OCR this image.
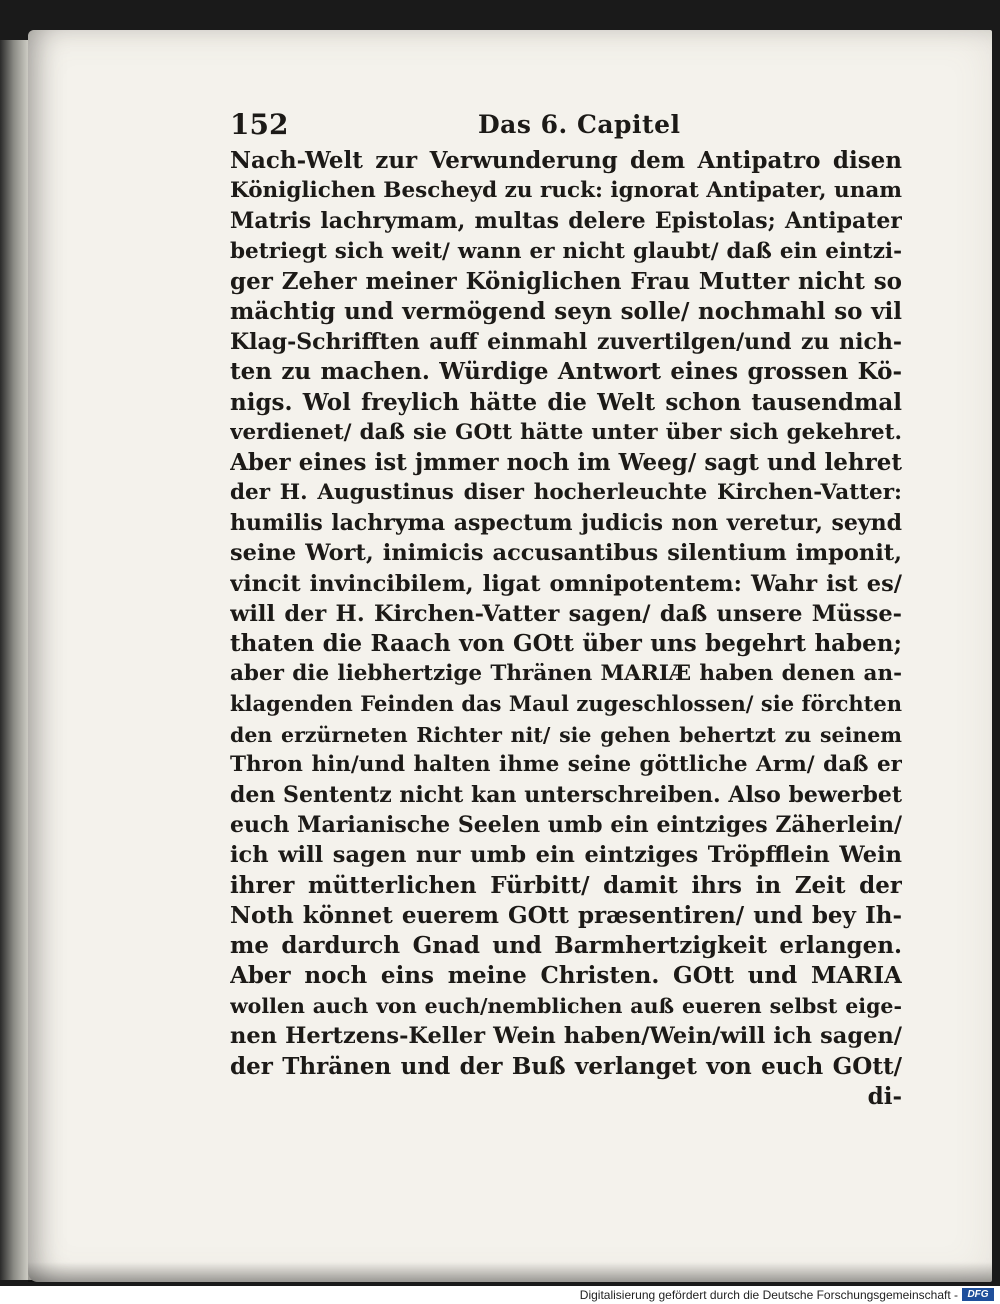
152	Das 6. Capitel
Nach-Welt zur Verwunderung dem Antipatro disen
Königlichen Bescheyd zu ruck: ignorat Antipater, unam
Matris lachrymam, multas delere Epistolas; Antipater
betriegt sich weit/ wann er nicht glaubt/ daß ein eintzi-
ger Zeher meiner Königlichen Frau Mutter nicht so
mächtig und vermögend seyn solle/ nochmahl so vil
Klag-Schrifften auff einmahl zuvertilgen/und zu nich-
ten zu machen. Würdige Antwort eines grossen Kö-
nigs. Wol freylich hätte die Welt schon tausendmal
verdienet/ daß sie GOtt hätte unter über sich gekehret.
Aber eines ist jmmer noch im Weeg/ sagt und lehret
der H. Augustinus diser hocherleuchte Kirchen-Vatter:
humilis lachryma aspectum judicis non veretur, seynd
seine Wort, inimicis accusantibus silentium imponit,
vincit invincibilem, ligat omnipotentem: Wahr ist es/
will der H. Kirchen-Vatter sagen/ daß unsere Müsse-
thaten die Raach von GOtt über uns begehrt haben;
aber die liebhertzige Thränen MARIÆ haben denen an-
klagenden Feinden das Maul zugeschlossen/ sie förchten
den erzürneten Richter nit/ sie gehen behertzt zu seinem
Thron hin/und halten ihme seine göttliche Arm/ daß er
den Sententz nicht kan unterschreiben. Also bewerbet
euch Marianische Seelen umb ein eintziges Zäherlein/
ich will sagen nur umb ein eintziges Tröpfflein Wein
ihrer mütterlichen Fürbitt/ damit ihrs in Zeit der
Noth könnet euerem GOtt præsentiren/ und bey Ih-
me dardurch Gnad und Barmhertzigkeit erlangen.
Aber noch eins meine Christen. GOtt und MARIA
wollen auch von euch/nemblichen auß eueren selbst eige-
nen Hertzens-Keller Wein haben/Wein/will ich sagen/
der Thränen und der Buß verlanget von euch GOtt/
di-
Digitalisierung gefördert durch die Deutsche Forschungsgemeinschaft - DFG
